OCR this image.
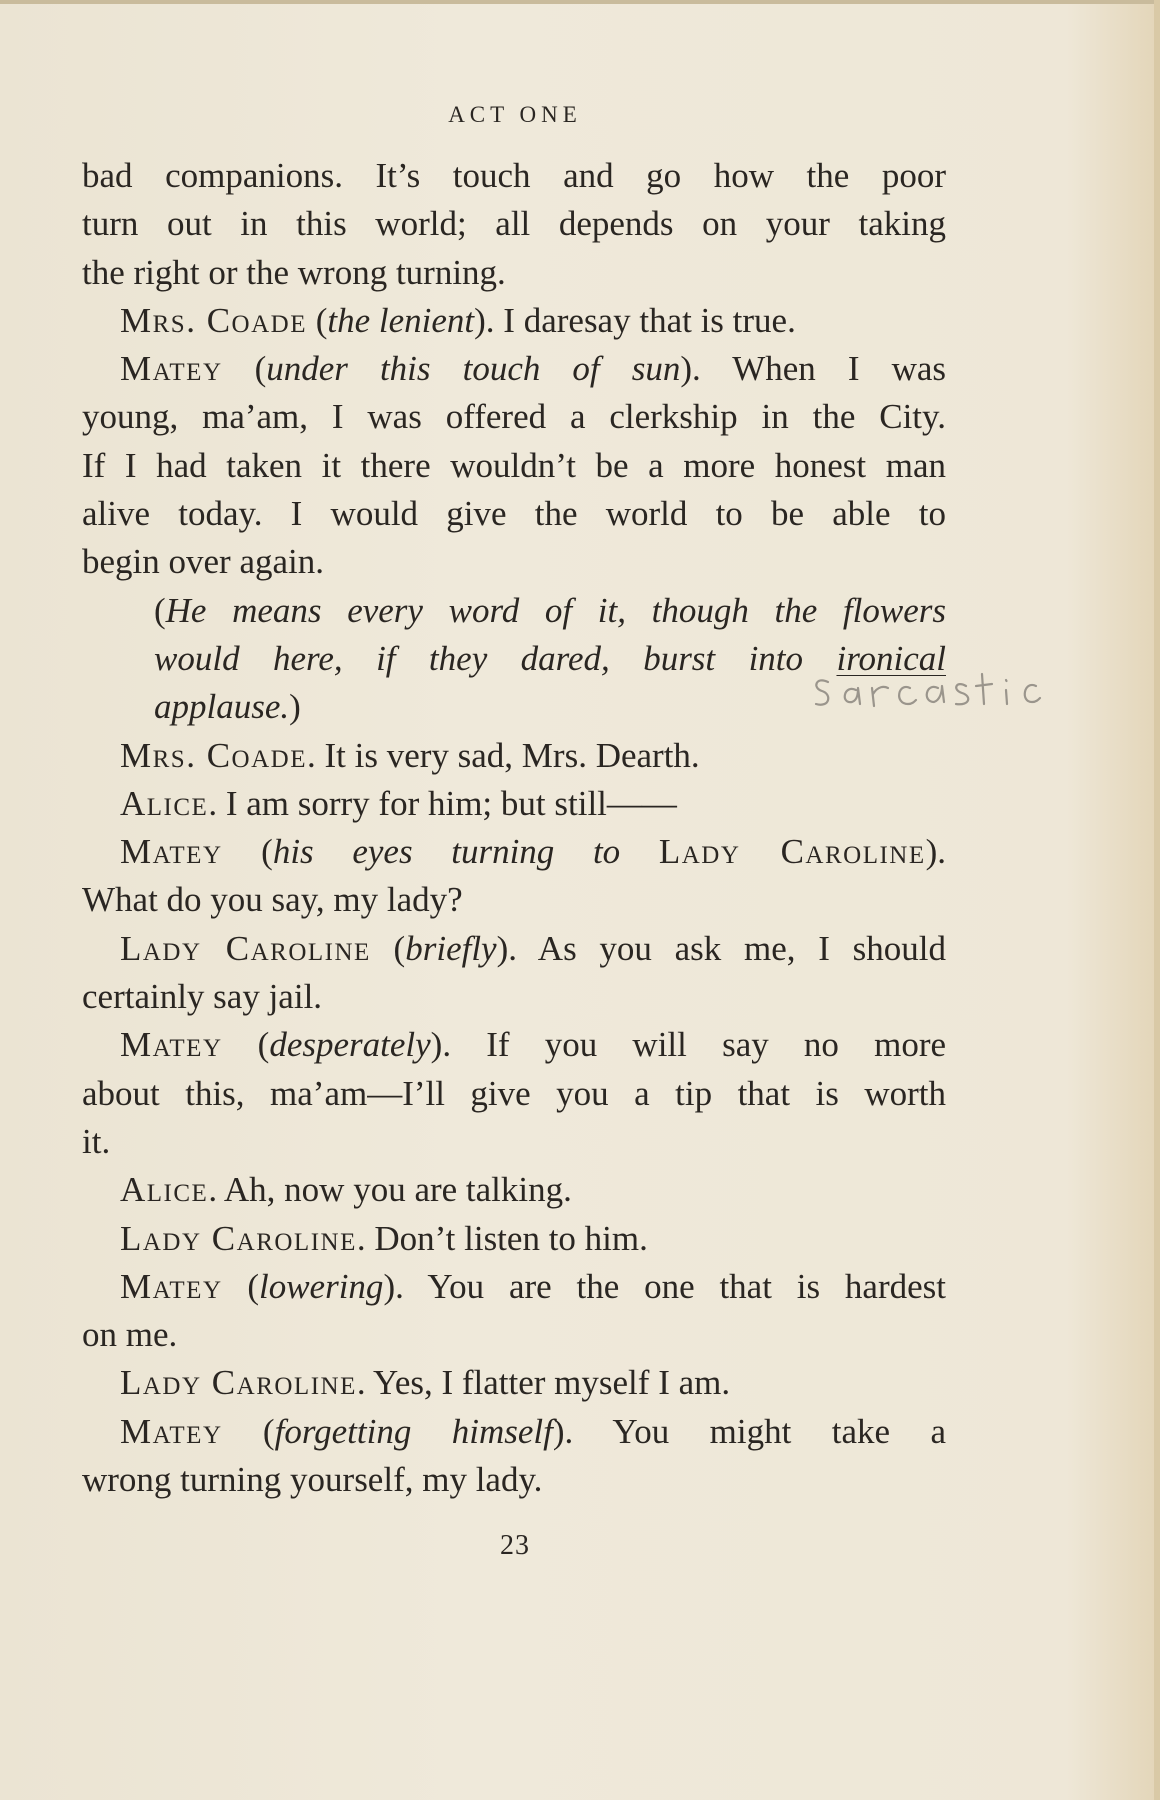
ACT ONE
bad companions. It’s touch and go how the poor
turn out in this world; all depends on your taking
the right or the wrong turning.
Mrs. Coade (the lenient). I daresay that is true.
Matey (under this touch of sun). When I was
young, ma’am, I was offered a clerkship in the City.
If I had taken it there wouldn’t be a more honest man
alive today. I would give the world to be able to
begin over again.
(He means every word of it, though the flowers
would here, if they dared, burst into ironical
applause.)
Mrs. Coade. It is very sad, Mrs. Dearth.
Alice. I am sorry for him; but still——
Matey (his eyes turning to Lady Caroline).
What do you say, my lady?
Lady Caroline (briefly). As you ask me, I should
certainly say jail.
Matey (desperately). If you will say no more
about this, ma’am—I’ll give you a tip that is worth
it.
Alice. Ah, now you are talking.
Lady Caroline. Don’t listen to him.
Matey (lowering). You are the one that is hardest
on me.
Lady Caroline. Yes, I flatter myself I am.
Matey (forgetting himself). You might take a
wrong turning yourself, my lady.
23
